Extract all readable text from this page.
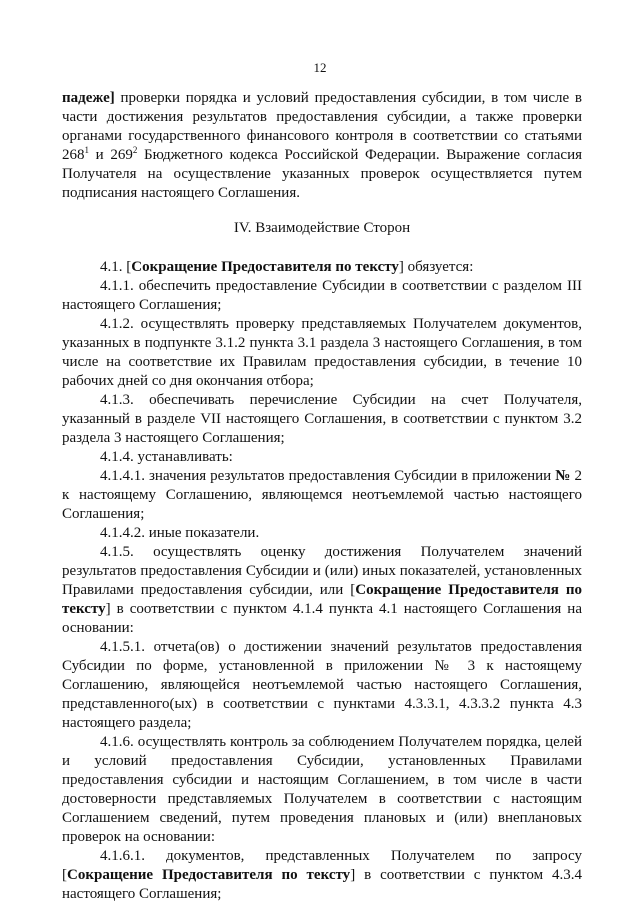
12

падеже] проверки порядка и условий предоставления субсидии, в том числе в части достижения результатов предоставления субсидии, а также проверки органами государственного финансового контроля в соответствии со статьями $268^1$ и $269^2$ Бюджетного кодекса Российской Федерации. Выражение согласия Получателя на осуществление указанных проверок осуществляется путем подписания настоящего Соглашения.

IV. Взаимодействие Сторон

4.1. [Сокращение Предоставителя по тексту] обязуется:

4.1.1. обеспечить предоставление Субсидии в соответствии с разделом III настоящего Соглашения;

4.1.2. осуществлять проверку представляемых Получателем документов, указанных в подпункте 3.1.2 пункта 3.1 раздела 3 настоящего Соглашения, в том числе на соответствие их Правилам предоставления субсидии, в течение 10 рабочих дней со дня окончания отбора;

4.1.3. обеспечивать перечисление Субсидии на счет Получателя, указанный в разделе VII настоящего Соглашения, в соответствии с пунктом 3.2 раздела 3 настоящего Соглашения;

4.1.4. устанавливать:

4.1.4.1. значения результатов предоставления Субсидии в приложении № 2 к настоящему Соглашению, являющемся неотъемлемой частью настоящего Соглашения;

4.1.4.2. иные показатели.

4.1.5. осуществлять оценку достижения Получателем значений результатов предоставления Субсидии и (или) иных показателей, установленных Правилами предоставления субсидии, или [Сокращение Предоставителя по тексту] в соответствии с пунктом 4.1.4 пункта 4.1 настоящего Соглашения на основании:

4.1.5.1. отчета(ов) о достижении значений результатов предоставления Субсидии по форме, установленной в приложении № 3 к настоящему Соглашению, являющейся неотъемлемой частью настоящего Соглашения, представленного(ых) в соответствии с пунктами 4.3.3.1, 4.3.3.2 пункта 4.3 настоящего раздела;

4.1.6. осуществлять контроль за соблюдением Получателем порядка, целей и условий предоставления Субсидии, установленных Правилами предоставления субсидии и настоящим Соглашением, в том числе в части достоверности представляемых Получателем в соответствии с настоящим Соглашением сведений, путем проведения плановых и (или) внеплановых проверок на основании:

4.1.6.1. документов, представленных Получателем по запросу [Сокращение Предоставителя по тексту] в соответствии с пунктом 4.3.4 настоящего Соглашения;
